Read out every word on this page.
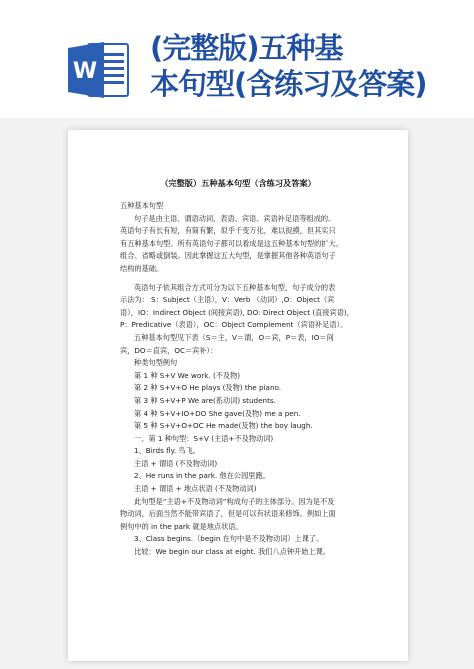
W
(完整版)五种基
本句型(含练习及答案)
（完整版）五种基本句型（含练习及答案）

五种基本句型

句子是由主语、谓语动词、表语、宾语、宾语补足语等组成的。

英语句子有长有短，有简有繁，似乎千变万化，难以捉摸，但其实只

有五种基本句型。所有英语句子都可以看成是这五种基本句型的扩大、

组合、省略或倒装。因此掌握这五大句型，是掌握其他各种英语句子

结构的基础。

英语句子依其组合方式可分为以下五种基本句型，句子成分的表

示法为： S：Subject（主语），V：Verb （动词）,O：Object（宾

语），IO：Indirect Object (间接宾语), DO: Direct Object (直接宾语)，

P：Predicative（表语），OC：Object Complement（宾语补足语）。

五种基本句型见下表（S＝主，V＝谓，O＝宾，P＝表，IO＝间

宾，DO＝直宾，OC＝宾补）：

种类句型例句

第 1 种 S+V We work. (不及物)

第 2 种 S+V+O He plays (及物) the piano.

第 3 种 S+V+P We are(系动词) students.

第 4 种 S+V+IO+DO She gave(及物) me a pen.

第 5 种 S+V+O+OC He made(及物) the boy laugh.

一、第 1 种句型：S+V (主语+不及物动词)

1、Birds fly. 鸟飞。

主语 + 谓语 (不及物动词)

2、He runs in the park. 他在公园里跑。

主语 + 谓语 + 地点状语 (不及物动词)

此句型是“主语+不及物动词”构成句子的主体部分。因为是不及

物动词，后面当然不能带宾语了，但是可以有状语来修饰。例如上面

例句中的 in the park 就是地点状语。

3、Class begins.（begin 在句中是不及物动词）上课了。

比较：We begin our class at eight. 我们八点钟开始上课。
